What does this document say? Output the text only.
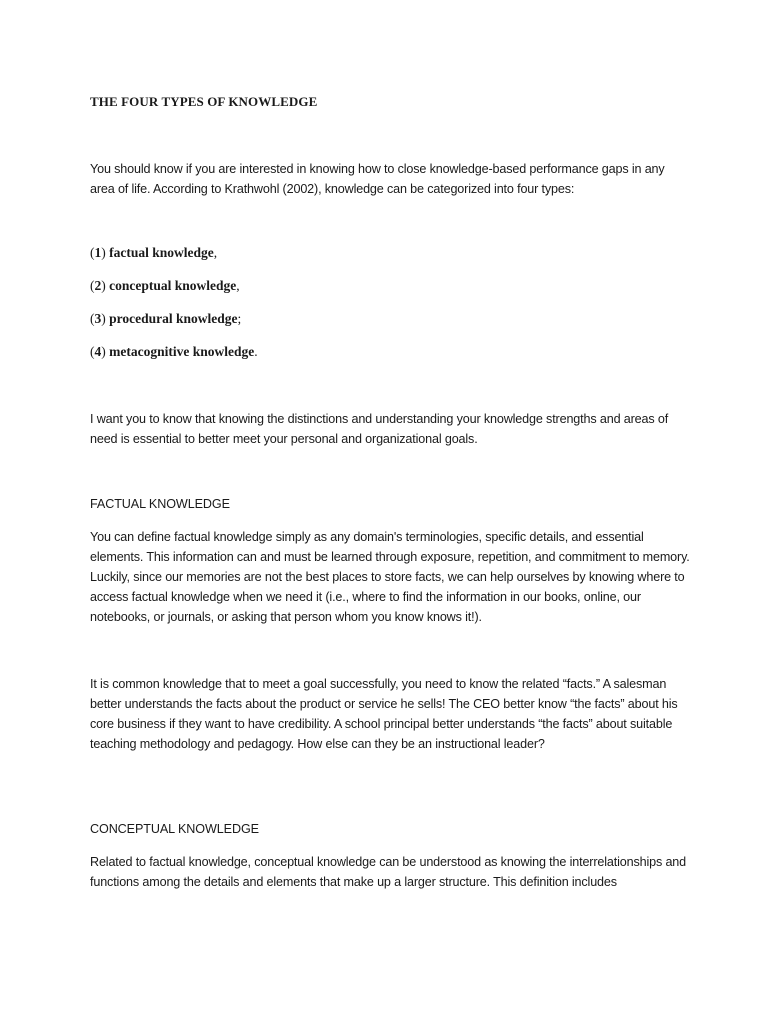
THE FOUR TYPES OF KNOWLEDGE

You should know if you are interested in knowing how to close knowledge-based performance gaps in any area of life. According to Krathwohl (2002), knowledge can be categorized into four types:

(1) factual knowledge,
(2) conceptual knowledge,
(3) procedural knowledge;
(4) metacognitive knowledge.

I want you to know that knowing the distinctions and understanding your knowledge strengths and areas of need is essential to better meet your personal and organizational goals.

FACTUAL KNOWLEDGE

You can define factual knowledge simply as any domain's terminologies, specific details, and essential elements. This information can and must be learned through exposure, repetition, and commitment to memory. Luckily, since our memories are not the best places to store facts, we can help ourselves by knowing where to access factual knowledge when we need it (i.e., where to find the information in our books, online, our notebooks, or journals, or asking that person whom you know knows it!).

It is common knowledge that to meet a goal successfully, you need to know the related “facts.” A salesman better understands the facts about the product or service he sells! The CEO better know “the facts” about his core business if they want to have credibility. A school principal better understands “the facts” about suitable teaching methodology and pedagogy. How else can they be an instructional leader?

CONCEPTUAL KNOWLEDGE

Related to factual knowledge, conceptual knowledge can be understood as knowing the interrelationships and functions among the details and elements that make up a larger structure. This definition includes
